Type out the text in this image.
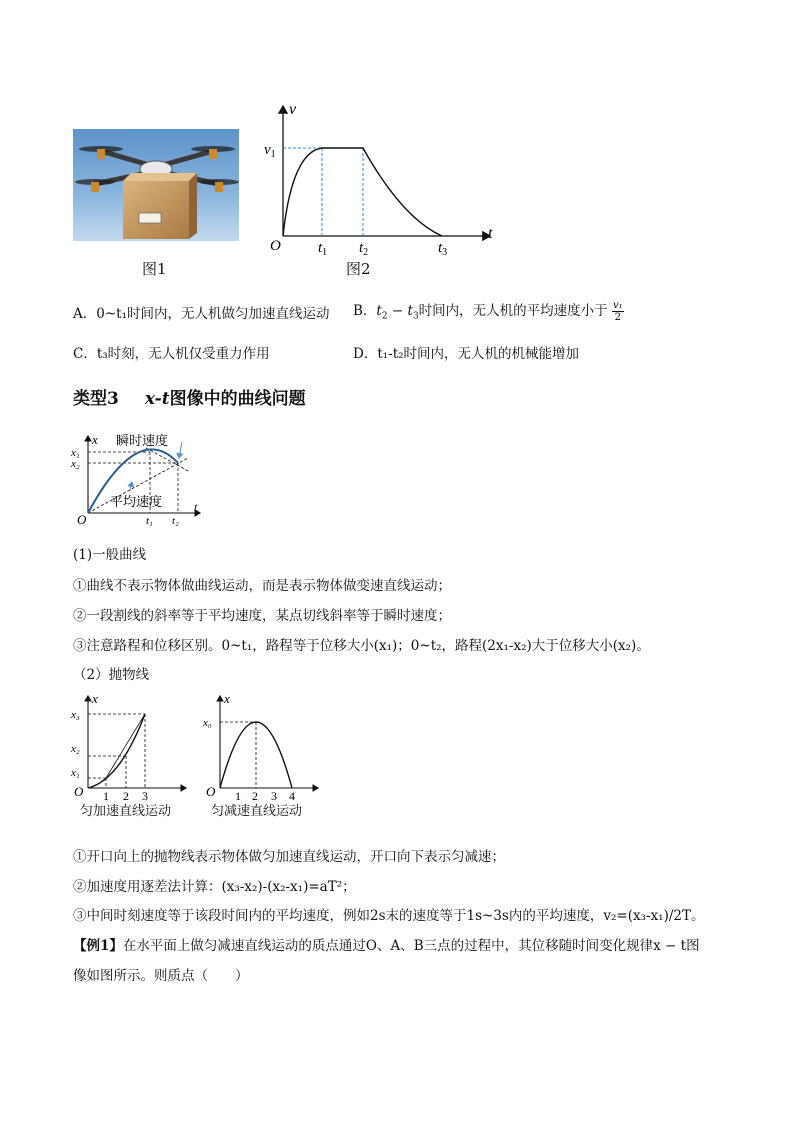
图1
v
t
O
$v_1$
$t_1$ $t_2$	$t_3$
图2
A．0~t₁时间内，无人机做匀加速直线运动 B．$t_2 - t_3$时间内，无人机的平均速度小于 $\frac{\text{v₁}}{2}$
C．t₃时刻，无人机仅受重力作用	D．t₁-t₂时间内，无人机的机械能增加
类型3 x-t图像中的曲线问题
x
t
O
x₁
x₂
t₁ t₂
瞬时速度
平均速度
(1)一般曲线
①曲线不表示物体做曲线运动，而是表示物体做变速直线运动；
②一段割线的斜率等于平均速度，某点切线斜率等于瞬时速度；
③注意路程和位移区别。0~t₁，路程等于位移大小(x₁)；0~t₂，路程(2x₁-x₂)大于位移大小(x₂)。
（2）抛物线
x
O
x₃
x₂
x₁
1 2 3
匀加速直线运动
x
O
x₀
1 2 3 4
匀减速直线运动
①开口向上的抛物线表示物体做匀加速直线运动，开口向下表示匀减速；
②加速度用逐差法计算：(x₃-x₂)-(x₂-x₁)=aT²；
③中间时刻速度等于该段时间内的平均速度，例如2s末的速度等于1s~3s内的平均速度，v₂=(x₃-x₁)/2T。
【例1】在水平面上做匀减速直线运动的质点通过O、A、B三点的过程中，其位移随时间变化规律x − t图
像如图所示。则质点（　　）
